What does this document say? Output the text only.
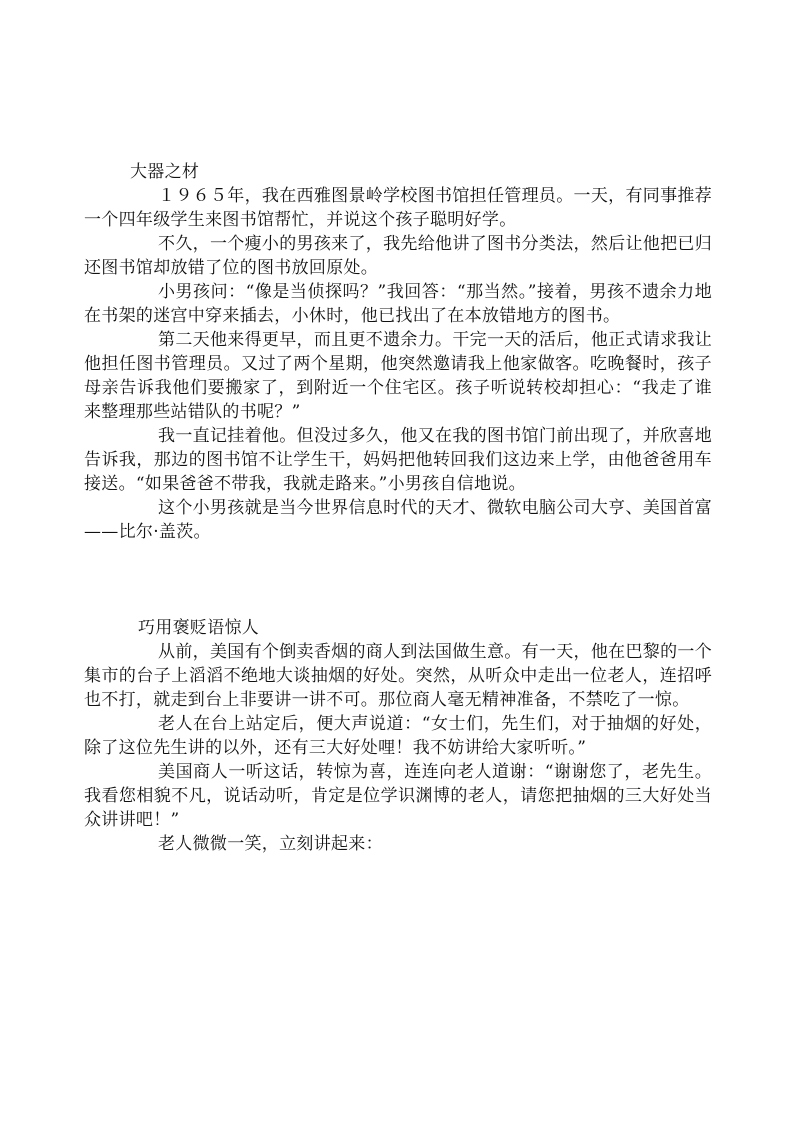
大器之材

１９６５年，我在西雅图景岭学校图书馆担任管理员。一天，有同事推荐一个四年级学生来图书馆帮忙，并说这个孩子聪明好学。

不久，一个瘦小的男孩来了，我先给他讲了图书分类法，然后让他把已归还图书馆却放错了位的图书放回原处。

小男孩问：“像是当侦探吗？”我回答：“那当然。”接着，男孩不遗余力地在书架的迷宫中穿来插去，小休时，他已找出了在本放错地方的图书。

第二天他来得更早，而且更不遗余力。干完一天的活后，他正式请求我让他担任图书管理员。又过了两个星期，他突然邀请我上他家做客。吃晚餐时，孩子母亲告诉我他们要搬家了，到附近一个住宅区。孩子听说转校却担心：“我走了谁来整理那些站错队的书呢？”

我一直记挂着他。但没过多久，他又在我的图书馆门前出现了，并欣喜地告诉我，那边的图书馆不让学生干，妈妈把他转回我们这边来上学，由他爸爸用车接送。“如果爸爸不带我，我就走路来。”小男孩自信地说。

这个小男孩就是当今世界信息时代的天才、微软电脑公司大亨、美国首富——比尔·盖茨。

巧用褒贬语惊人

从前，美国有个倒卖香烟的商人到法国做生意。有一天，他在巴黎的一个集市的台子上滔滔不绝地大谈抽烟的好处。突然，从听众中走出一位老人，连招呼也不打，就走到台上非要讲一讲不可。那位商人毫无精神准备，不禁吃了一惊。

老人在台上站定后，便大声说道：“女士们，先生们，对于抽烟的好处，除了这位先生讲的以外，还有三大好处哩！我不妨讲给大家听听。”

美国商人一听这话，转惊为喜，连连向老人道谢：“谢谢您了，老先生。我看您相貌不凡，说话动听，肯定是位学识渊博的老人，请您把抽烟的三大好处当众讲讲吧！”

老人微微一笑，立刻讲起来：
